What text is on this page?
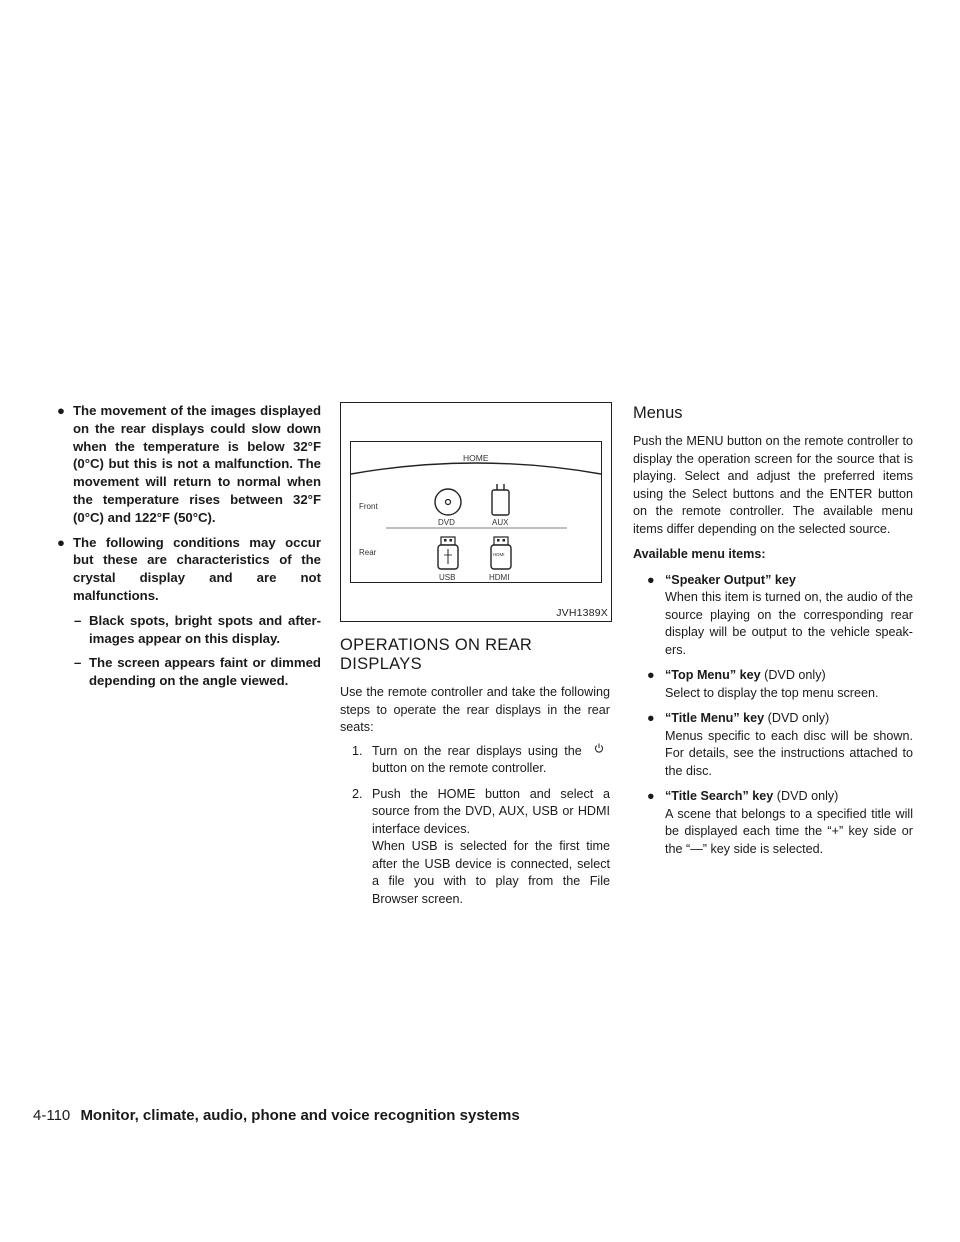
● The movement of the images displayed on the rear displays could slow down when the temperature is below 32°F (0°C) but this is not a malfunction. The movement will return to normal when the temperature rises between 32°F (0°C) and 122°F (50°C).
● The following conditions may occur but these are characteristics of the crystal display and are not malfunctions.
– Black spots, bright spots and after-images appear on this display.
– The screen appears faint or dimmed depending on the angle viewed.
HOME
Front
Rear
DVD	AUX
USB	HDMI
HDMI
JVH1389X
OPERATIONS ON REAR DISPLAYS

Use the remote controller and take the following steps to operate the rear displays in the rear seats:

1. Turn on the rear displays using the  button on the remote controller.
2. Push the HOME button and select a source from the DVD, AUX, USB or HDMI interface devices.
When USB is selected for the first time after the USB device is connected, select a file you with to play from the File Browser screen.
Menus

Push the MENU button on the remote controller to display the operation screen for the source that is playing. Select and adjust the preferred items using the Select buttons and the ENTER button on the remote controller. The available menu items differ depending on the selected source.

Available menu items:

● “Speaker Output” key
When this item is turned on, the audio of the source playing on the corresponding rear display will be output to the vehicle speak-ers.
● “Top Menu” key (DVD only)
Select to display the top menu screen.
● “Title Menu” key (DVD only)
Menus specific to each disc will be shown. For details, see the instructions attached to the disc.
● “Title Search” key (DVD only)
A scene that belongs to a specified title will be displayed each time the “+” key side or the “—” key side is selected.
4-110 Monitor, climate, audio, phone and voice recognition systems
